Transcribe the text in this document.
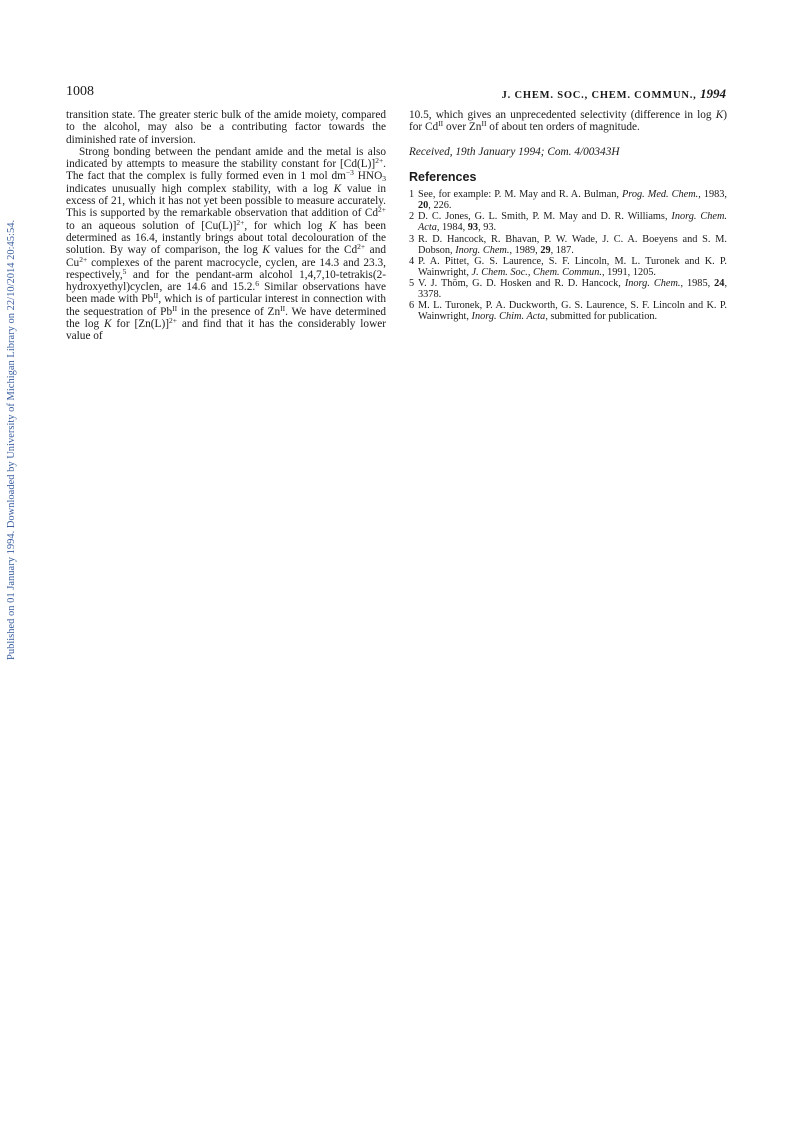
Published on 01 January 1994. Downloaded by University of Michigan Library on 22/10/2014 20:45:54.
1008	J. CHEM. SOC., CHEM. COMMUN., 1994

transition state. The greater steric bulk of the amide moiety, compared to the alcohol, may also be a contributing factor towards the diminished rate of inversion.

Strong bonding between the pendant amide and the metal is also indicated by attempts to measure the stability constant for $[Cd(L)]^{2+}$. The fact that the complex is fully formed even in 1 mol $dm^{-3}$ $HNO_3$ indicates unusually high complex stability, with a log K value in excess of 21, which it has not yet been possible to measure accurately. This is supported by the remarkable observation that addition of $Cd^{2+}$ to an aqueous solution of $[Cu(L)]^{2+}$, for which log K has been determined as 16.4, instantly brings about total decolouration of the solution. By way of comparison, the log K values for the $Cd^{2+}$ and $Cu^{2+}$ complexes of the parent macrocycle, cyclen, are 14.3 and 23.3, respectively,$^5$ and for the pendant-arm alcohol 1,4,7,10-tetrakis(2-hydroxyethyl)cyclen, are 14.6 and 15.2.$^6$ Similar observations have been made with $Pb^{II}$, which is of particular interest in connection with the sequestration of $Pb^{II}$ in the presence of $Zn^{II}$. We have determined the log K for $[Zn(L)]^{2+}$ and find that it has the considerably lower value of

10.5, which gives an unprecedented selectivity (difference in log K) for $Cd^{II}$ over $Zn^{II}$ of about ten orders of magnitude.

Received, 19th January 1994; Com. 4/00343H

References
1 See, for example: P. M. May and R. A. Bulman, Prog. Med. Chem., 1983, 20, 226.
2 D. C. Jones, G. L. Smith, P. M. May and D. R. Williams, Inorg. Chem. Acta, 1984, 93, 93.
3 R. D. Hancock, R. Bhavan, P. W. Wade, J. C. A. Boeyens and S. M. Dobson, Inorg. Chem., 1989, 29, 187.
4 P. A. Pittet, G. S. Laurence, S. F. Lincoln, M. L. Turonek and K. P. Wainwright, J. Chem. Soc., Chem. Commun., 1991, 1205.
5 V. J. Thöm, G. D. Hosken and R. D. Hancock, Inorg. Chem., 1985, 24, 3378.
6 M. L. Turonek, P. A. Duckworth, G. S. Laurence, S. F. Lincoln and K. P. Wainwright, Inorg. Chim. Acta, submitted for publication.
